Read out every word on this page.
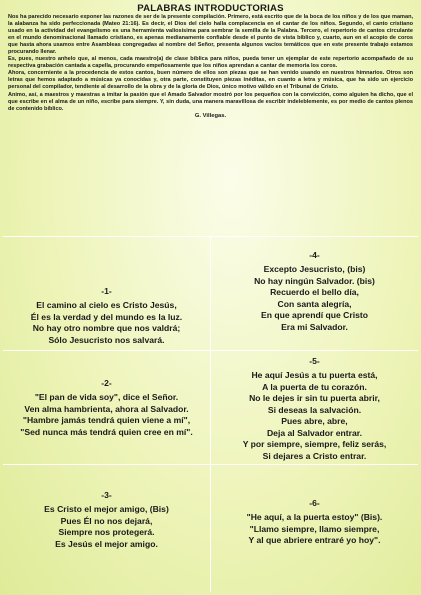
PALABRAS INTRODUCTORIAS

Nos ha parecido necesario exponer las razones de ser de la presente compilación. Primero, está escrito que de la boca de los niños y de los que maman, la alabanza ha sido perfeccionada (Mateo 21:16). Es decir, el Dios del cielo halla complacencia en el cantar de los niños. Segundo, el canto cristiano usado en la actividad del evangelismo es una herramienta valiosísima para sembrar la semilla de la Palabra. Tercero, el repertorio de cantos circulante en el mundo denominacional llamado cristiano, es apenas medianamente confiable desde el punto de vista bíblico y, cuarto, aun en el acopio de coros que hasta ahora usamos entre Asambleas congregadas al nombre del Señor, presenta algunos vacíos temáticos que en este presente trabajo estamos procurando llenar.

Es, pues, nuestro anhelo que, al menos, cada maestro(a) de clase bíblica para niños, pueda tener un ejemplar de este repertorio acompañado de su respectiva grabación cantada a capella, procurando empeñosamente que los niños aprendan a cantar de memoria los coros.

Ahora, concerniente a la procedencia de estos cantos, buen número de ellos son piezas que se han venido usando en nuestros himnarios. Otros son letras que hemos adaptado a músicas ya conocidas y, otra parte, constituyen piezas inéditas, en cuanto a letra y música, que ha sido un ejercicio personal del compilador, tendiente al desarrollo de la obra y de la gloria de Dios, único motivo válido en el Tribunal de Cristo.

Animo, así, a maestros y maestras a imitar la pasión que el Amado Salvador mostró por los pequeños con la convicción, como alguien ha dicho, que el que escribe en el alma de un niño, escribe para siempre. Y, sin duda, una manera maravillosa de escribir indeleblemente, es por medio de cantos plenos de contenido bíblico.

G. Villegas.

-1-
El camino al cielo es Cristo Jesús,
Él es la verdad y del mundo es la luz.
No hay otro nombre que nos valdrá;
Sólo Jesucristo nos salvará.
-4-
Excepto Jesucristo, (bis)
No hay ningún Salvador. (bis)
Recuerdo el bello día,
Con santa alegría,
En que aprendí que Cristo
Era mi Salvador.
-2-
"El pan de vida soy", dice el Señor.
Ven alma hambrienta, ahora al Salvador.
"Hambre jamás tendrá quien viene a mí",
"Sed nunca más tendrá quien cree en mí".
-5-
He aquí Jesús a tu puerta está,
A la puerta de tu corazón.
No le dejes ir sin tu puerta abrir,
Si deseas la salvación.
Pues abre, abre,
Deja al Salvador entrar.
Y por siempre, siempre, feliz serás,
Si dejares a Cristo entrar.
-3-
Es Cristo el mejor amigo, (Bis)
Pues Él no nos dejará,
Siempre nos protegerá.
Es Jesús el mejor amigo.
-6-
"He aquí, a la puerta estoy" (Bis).
"Llamo siempre, llamo siempre,
Y al que abriere entraré yo hoy".
